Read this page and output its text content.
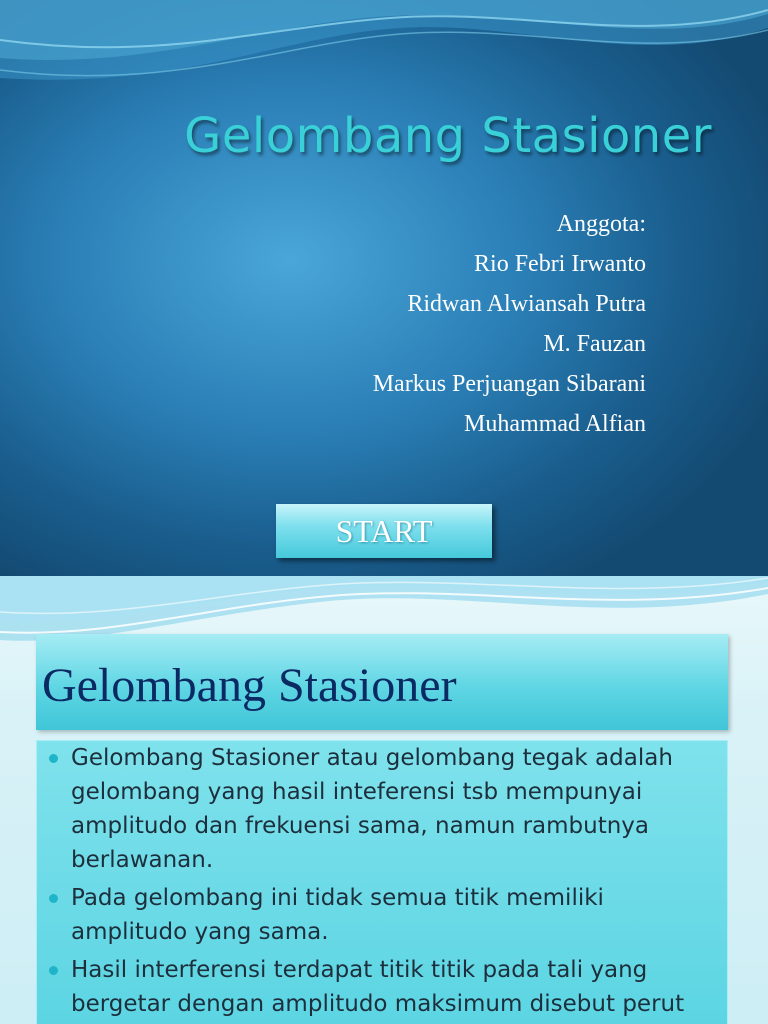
Gelombang Stasioner
Anggota:
Rio Febri Irwanto
Ridwan Alwiansah Putra
M. Fauzan
Markus Perjuangan Sibarani
Muhammad Alfian
START
Gelombang Stasioner
Gelombang Stasioner atau gelombang tegak adalah
gelombang yang hasil inteferensi tsb mempunyai
amplitudo dan frekuensi sama, namun rambutnya
berlawanan.
Pada gelombang ini tidak semua titik memiliki
amplitudo yang sama.
Hasil interferensi terdapat titik titik pada tali yang
bergetar dengan amplitudo maksimum disebut perut
